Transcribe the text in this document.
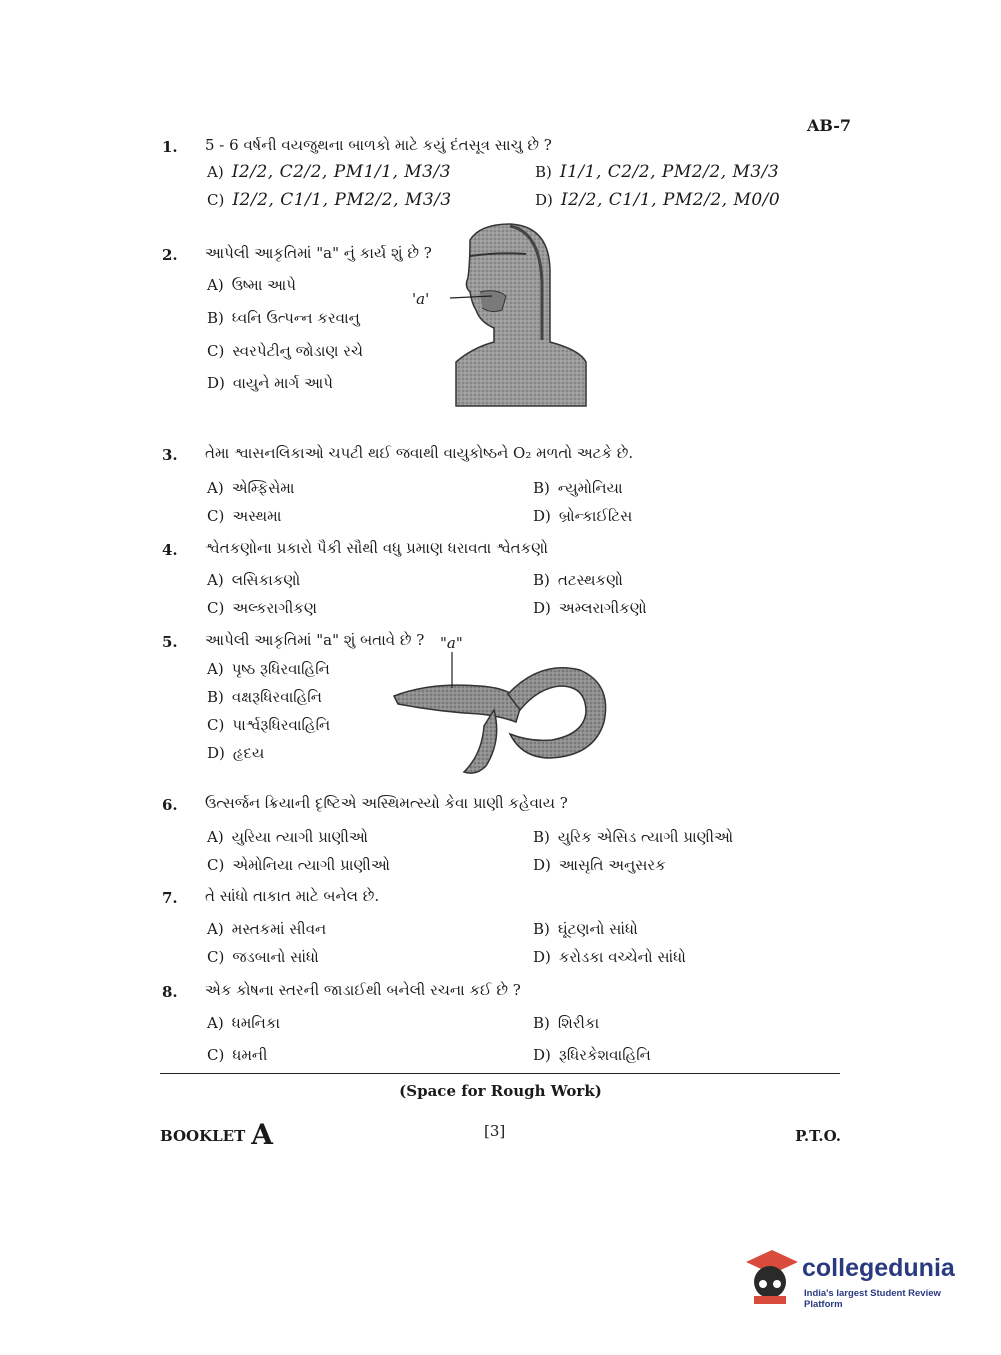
AB-7
1. 5 - 6 વર્ષની વયજુથના બાળકો માટે કયું દંતસૂત્ર સાચુ છે ?
A) I2/2, C2/2, PM1/1, M3/3	B) I1/1, C2/2, PM2/2, M3/3
C) I2/2, C1/1, PM2/2, M3/3	D) I2/2, C1/1, PM2/2, M0/0
2. આપેલી આકૃતિમાં "a" નું કાર્ય શું છે ?
A) ઉષ્મા આપે
B) ધ્વનિ ઉત્પન્ન કરવાનુ
C) સ્વરપેટીનુ જોડાણ રચે
D) વાયુને માર્ગ આપે
'a'
3. તેમા શ્વાસનલિકાઓ ચપટી થઈ જવાથી વાયુકોષ્ઠને O₂ મળતો અટકે છે.
A) એમ્ફિસેમા	B) ન્યુમોનિયા
C) અસ્થમા	D) બ્રોન્કાઈટિસ
4. શ્વેતકણોના પ્રકારો પૈકી સૌથી વધુ પ્રમાણ ધરાવતા શ્વેતકણો
A) લસિકાકણો	B) તટસ્થકણો
C) અલ્કરાગીકણ	D) અમ્લરાગીકણો
5. આપેલી આકૃતિમાં "a" શું બતાવે છે ?
A) પૃષ્ઠ રૂધિરવાહિનિ
B) વક્ષરૂધિરવાહિનિ
C) પાર્શ્વરૂધિરવાહિનિ
D) હૃદય
"a"
6. ઉત્સર્જન ક્રિયાની દૃષ્ટિએ અસ્થિમત્સ્યો કેવા પ્રાણી કહેવાય ?
A) યુરિયા ત્યાગી પ્રાણીઓ	B) યુરિક એસિડ ત્યાગી પ્રાણીઓ
C) એમોનિયા ત્યાગી પ્રાણીઓ	D) આસૃતિ અનુસરક
7. તે સાંધો તાકાત માટે બનેલ છે.
A) મસ્તકમાં સીવન	B) ઘૂંટણનો સાંધો
C) જડબાનો સાંધો	D) કરોડકા વચ્ચેનો સાંધો
8. એક કોષના સ્તરની જાડાઈથી બનેલી રચના કઈ છે ?
A) ધમનિકા	B) શિરીકા
C) ધમની	D) રૂધિરકેશવાહિનિ
(Space for Rough Work)
BOOKLET A	[3]	P.T.O.
collegedunia
India's largest Student Review Platform
